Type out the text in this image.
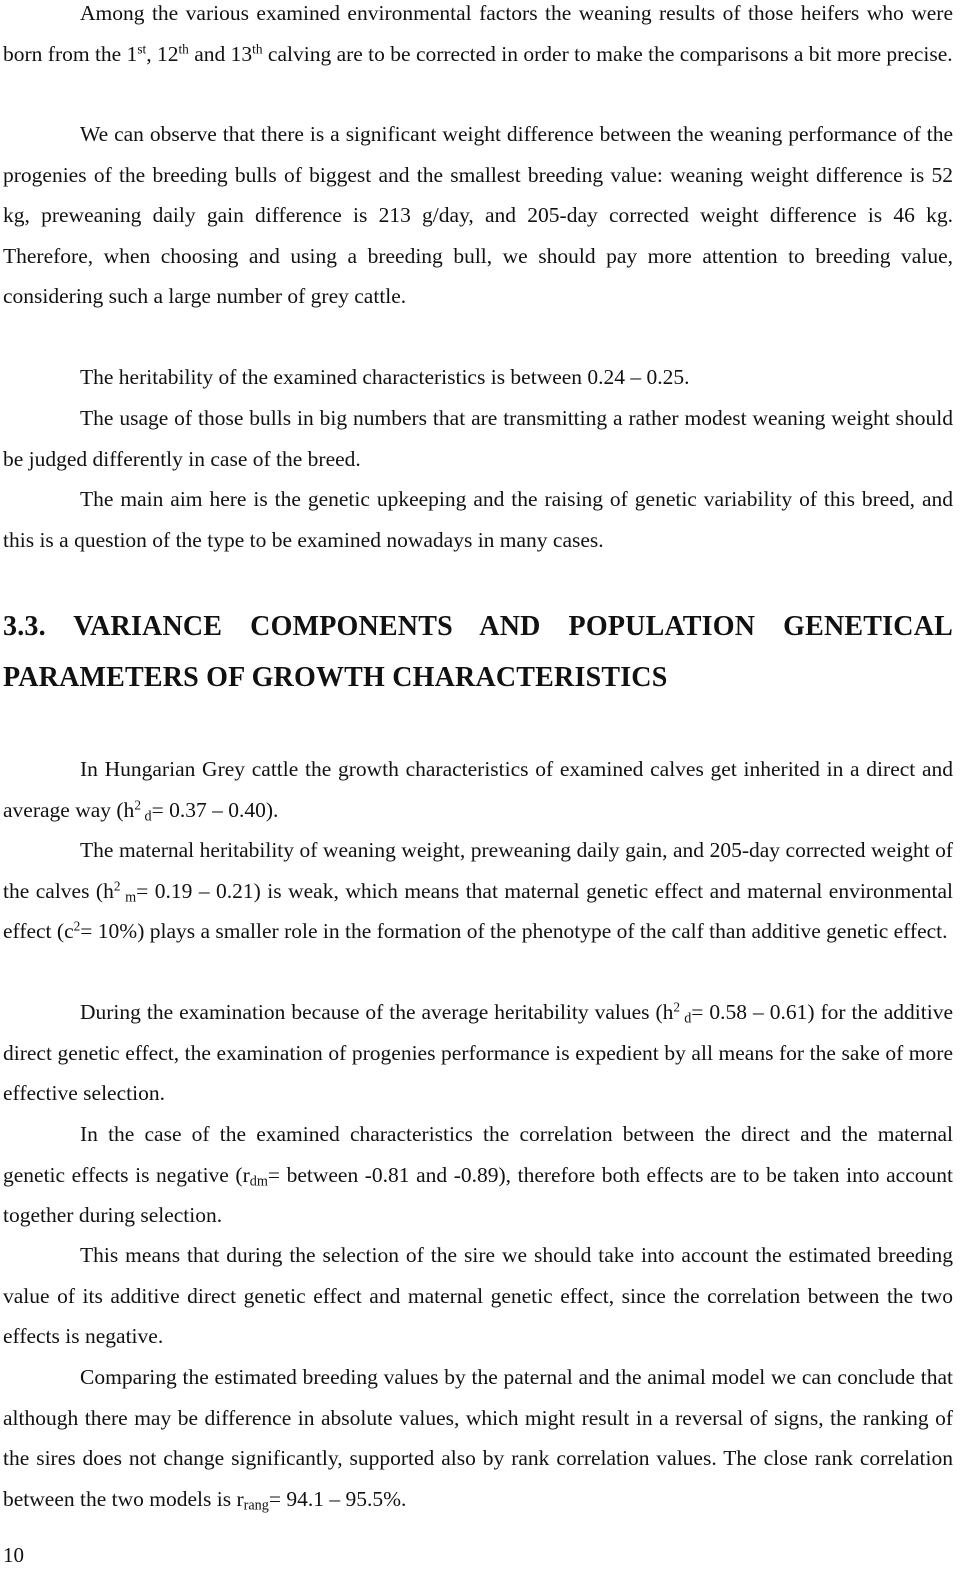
Among the various examined environmental factors the weaning results of those heifers who were born from the 1st, 12th and 13th calving are to be corrected in order to make the comparisons a bit more precise.

We can observe that there is a significant weight difference between the weaning performance of the progenies of the breeding bulls of biggest and the smallest breeding value: weaning weight difference is 52 kg, preweaning daily gain difference is 213 g/day, and 205-day corrected weight difference is 46 kg. Therefore, when choosing and using a breeding bull, we should pay more attention to breeding value, considering such a large number of grey cattle.

The heritability of the examined characteristics is between 0.24 – 0.25.

The usage of those bulls in big numbers that are transmitting a rather modest weaning weight should be judged differently in case of the breed.

The main aim here is the genetic upkeeping and the raising of genetic variability of this breed, and this is a question of the type to be examined nowadays in many cases.

3.3. VARIANCE COMPONENTS AND POPULATION GENETICAL PARAMETERS OF GROWTH CHARACTERISTICS

In Hungarian Grey cattle the growth characteristics of examined calves get inherited in a direct and average way ($h^2$ $_d$= 0.37 – 0.40).

The maternal heritability of weaning weight, preweaning daily gain, and 205-day corrected weight of the calves ($h^2$ $_m$= 0.19 – 0.21) is weak, which means that maternal genetic effect and maternal environmental effect $(c^2= 10\%)$ plays a smaller role in the formation of the phenotype of the calf than additive genetic effect.

During the examination because of the average heritability values ($h^2$ $_d$= 0.58 – 0.61) for the additive direct genetic effect, the examination of progenies performance is expedient by all means for the sake of more effective selection.

In the case of the examined characteristics the correlation between the direct and the maternal genetic effects is negative ($r_{dm}=$ between -0.81 and -0.89), therefore both effects are to be taken into account together during selection.

This means that during the selection of the sire we should take into account the estimated breeding value of its additive direct genetic effect and maternal genetic effect, since the correlation between the two effects is negative.

Comparing the estimated breeding values by the paternal and the animal model we can conclude that although there may be difference in absolute values, which might result in a reversal of signs, the ranking of the sires does not change significantly, supported also by rank correlation values. The close rank correlation between the two models is $r_{rang}= 94.1 - 95.5\%$.

10
